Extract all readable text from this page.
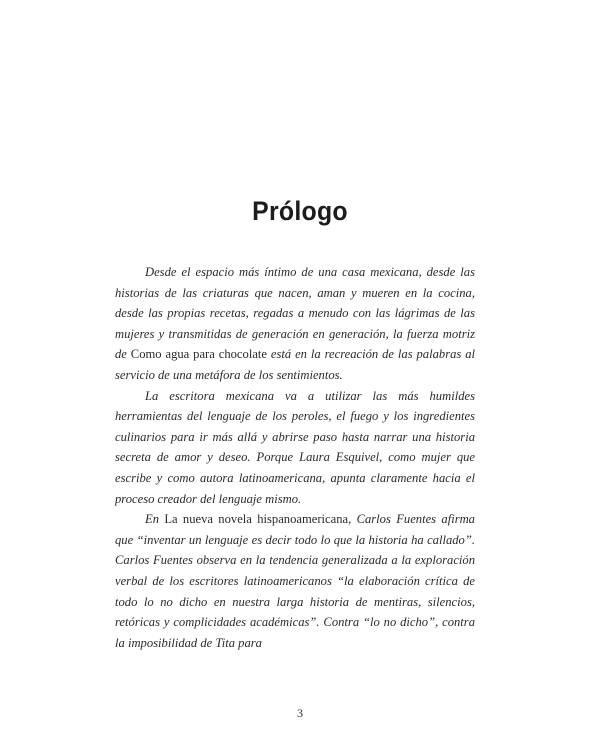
Prólogo

Desde el espacio más íntimo de una casa mexicana, desde las historias de las criaturas que nacen, aman y mueren en la cocina, desde las propias recetas, regadas a menudo con las lágrimas de las mujeres y transmitidas de generación en generación, la fuerza motriz de Como agua para chocolate está en la recreación de las palabras al servicio de una metáfora de los sentimientos.

La escritora mexicana va a utilizar las más humildes herramientas del lenguaje de los peroles, el fuego y los ingredientes culinarios para ir más allá y abrirse paso hasta narrar una historia secreta de amor y deseo. Porque Laura Esquivel, como mujer que escribe y como autora latinoamericana, apunta claramente hacia el proceso creador del lenguaje mismo.

En La nueva novela hispanoamericana, Carlos Fuentes afirma que “inventar un lenguaje es decir todo lo que la historia ha callado”. Carlos Fuentes observa en la tendencia generalizada a la exploración verbal de los escritores latinoamericanos “la elaboración crítica de todo lo no dicho en nuestra larga historia de mentiras, silencios, retóricas y complicidades académicas”. Contra “lo no dicho”, contra la imposibilidad de Tita para

3
